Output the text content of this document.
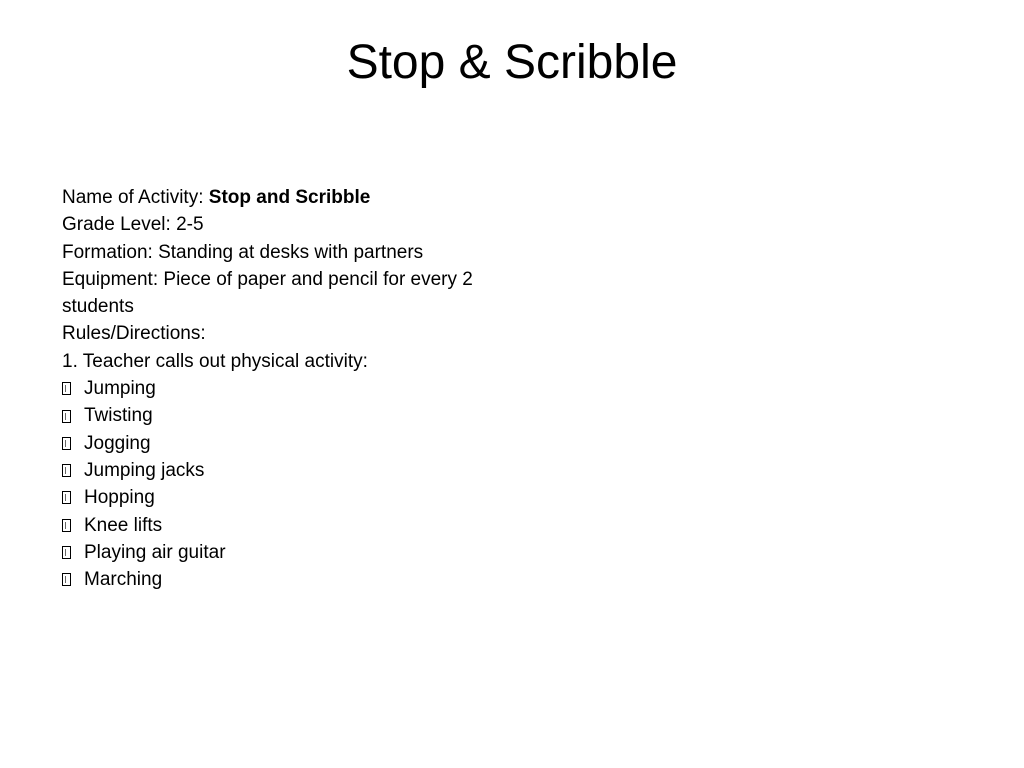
Stop & Scribble
Name of Activity: Stop and Scribble
Grade Level: 2-5
Formation: Standing at desks with partners
Equipment: Piece of paper and pencil for every 2 students
Rules/Directions:
1. Teacher calls out physical activity:
Jumping
Twisting
Jogging
Jumping jacks
Hopping
Knee lifts
Playing air guitar
Marching
